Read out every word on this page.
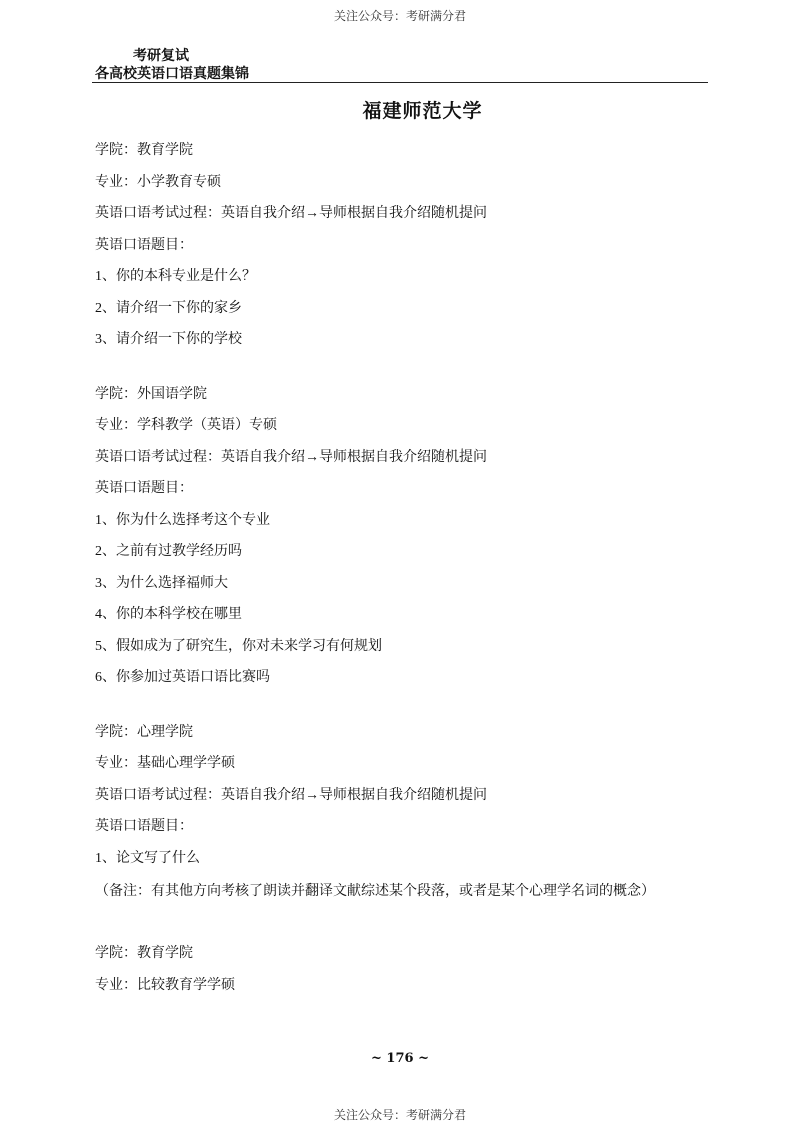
关注公众号：考研满分君
考研复试
各高校英语口语真题集锦
福建师范大学
学院：教育学院
专业：小学教育专硕
英语口语考试过程：英语自我介绍→导师根据自我介绍随机提问
英语口语题目：
1、你的本科专业是什么？
2、请介绍一下你的家乡
3、请介绍一下你的学校
学院：外国语学院
专业：学科教学（英语）专硕
英语口语考试过程：英语自我介绍→导师根据自我介绍随机提问
英语口语题目：
1、你为什么选择考这个专业
2、之前有过教学经历吗
3、为什么选择福师大
4、你的本科学校在哪里
5、假如成为了研究生，你对未来学习有何规划
6、你参加过英语口语比赛吗
学院：心理学院
专业：基础心理学学硕
英语口语考试过程：英语自我介绍→导师根据自我介绍随机提问
英语口语题目：
1、论文写了什么
（备注：有其他方向考核了朗读并翻译文献综述某个段落，或者是某个心理学名词的概念）
学院：教育学院
专业：比较教育学学硕
~ 176 ~
关注公众号：考研满分君
